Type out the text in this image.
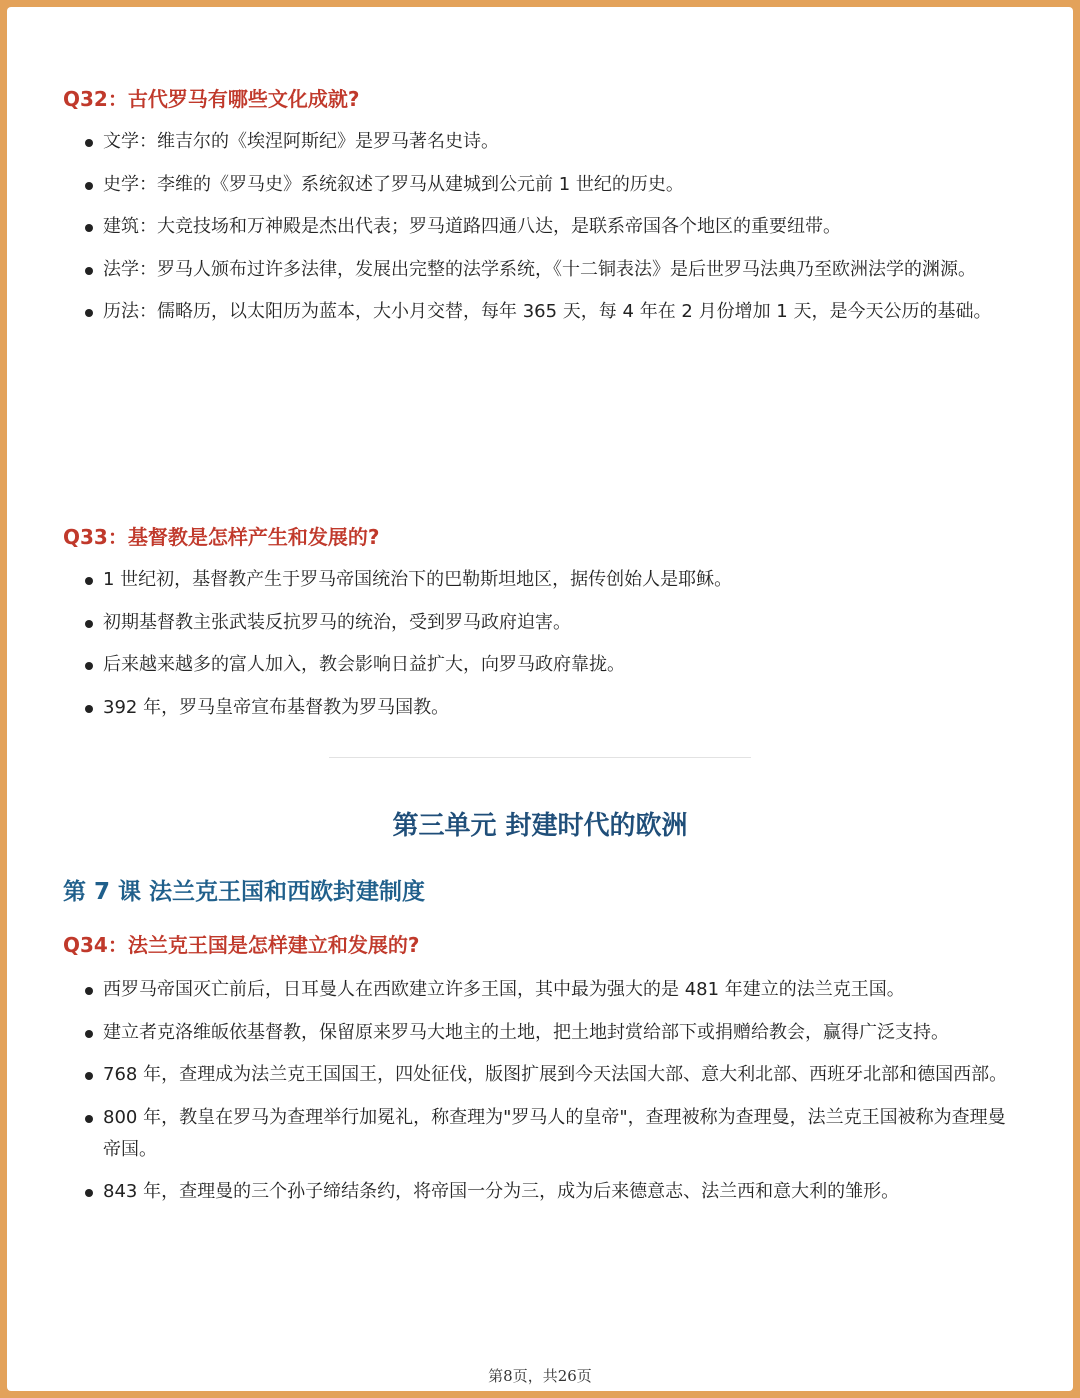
Q32：古代罗马有哪些文化成就?
文学：维吉尔的《埃涅阿斯纪》是罗马著名史诗。
史学：李维的《罗马史》系统叙述了罗马从建城到公元前 1 世纪的历史。
建筑：大竞技场和万神殿是杰出代表；罗马道路四通八达，是联系帝国各个地区的重要纽带。
法学：罗马人颁布过许多法律，发展出完整的法学系统，《十二铜表法》是后世罗马法典乃至欧洲法学的渊源。
历法：儒略历，以太阳历为蓝本，大小月交替，每年 365 天，每 4 年在 2 月份增加 1 天，是今天公历的基础。
Q33：基督教是怎样产生和发展的?
1 世纪初，基督教产生于罗马帝国统治下的巴勒斯坦地区，据传创始人是耶稣。
初期基督教主张武装反抗罗马的统治，受到罗马政府迫害。
后来越来越多的富人加入，教会影响日益扩大，向罗马政府靠拢。
392 年，罗马皇帝宣布基督教为罗马国教。
第三单元 封建时代的欧洲
第 7 课 法兰克王国和西欧封建制度
Q34：法兰克王国是怎样建立和发展的?
西罗马帝国灭亡前后，日耳曼人在西欧建立许多王国，其中最为强大的是 481 年建立的法兰克王国。
建立者克洛维皈依基督教，保留原来罗马大地主的土地，把土地封赏给部下或捐赠给教会，赢得广泛支持。
768 年，查理成为法兰克王国国王，四处征伐，版图扩展到今天法国大部、意大利北部、西班牙北部和德国西部。
800 年，教皇在罗马为查理举行加冕礼，称查理为"罗马人的皇帝"，查理被称为查理曼，法兰克王国被称为查理曼帝国。
843 年，查理曼的三个孙子缔结条约，将帝国一分为三，成为后来德意志、法兰西和意大利的雏形。
第8页，共26页
